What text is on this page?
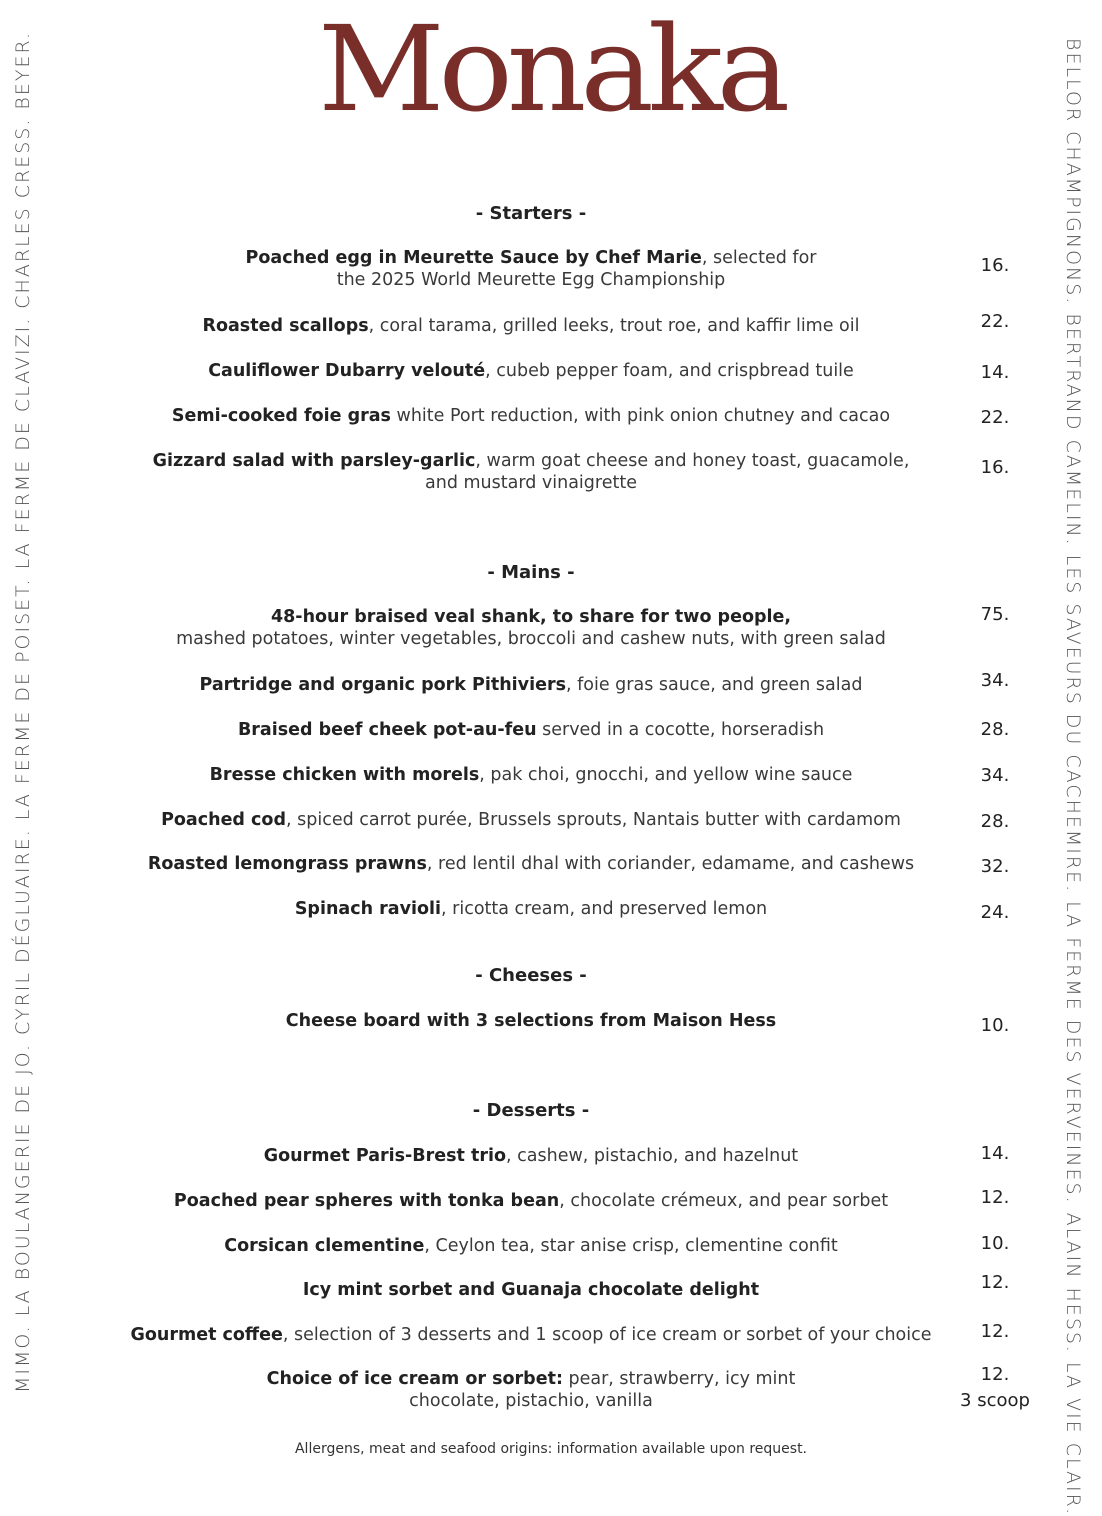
Monaka
MIMO. LA BOULANGERIE DE JO. CYRIL DÉGLUAIRE. LA FERME DE POISET. LA FERME DE CLAVIZI. CHARLES CRESS. BEYER.	BELLOR CHAMPIGNONS. BERTRAND CAMELIN. LES SAVEURS DU CACHEMIRE. LA FERME DES VERVEINES. ALAIN HESS. LA VIE CLAIR.
- Starters -
Poached egg in Meurette Sauce by Chef Marie, selected for
the 2025 World Meurette Egg Championship
16.
Roasted scallops, coral tarama, grilled leeks, trout roe, and kaffir lime oil	22.
Cauliflower Dubarry velouté, cubeb pepper foam, and crispbread tuile	14.
Semi-cooked foie gras white Port reduction, with pink onion chutney and cacao	22.
Gizzard salad with parsley-garlic, warm goat cheese and honey toast, guacamole,
and mustard vinaigrette
16.
- Mains -
48-hour braised veal shank, to share for two people,
mashed potatoes, winter vegetables, broccoli and cashew nuts, with green salad
75.
Partridge and organic pork Pithiviers, foie gras sauce, and green salad	34.
Braised beef cheek pot-au-feu served in a cocotte, horseradish	28.
Bresse chicken with morels, pak choi, gnocchi, and yellow wine sauce	34.
Poached cod, spiced carrot purée, Brussels sprouts, Nantais butter with cardamom	28.
Roasted lemongrass prawns, red lentil dhal with coriander, edamame, and cashews	32.
Spinach ravioli, ricotta cream, and preserved lemon	24.
- Cheeses -
Cheese board with 3 selections from Maison Hess	10.
- Desserts -
Gourmet Paris-Brest trio, cashew, pistachio, and hazelnut	14.
Poached pear spheres with tonka bean, chocolate crémeux, and pear sorbet	12.
Corsican clementine, Ceylon tea, star anise crisp, clementine confit	10.
Icy mint sorbet and Guanaja chocolate delight	12.
Gourmet coffee, selection of 3 desserts and 1 scoop of ice cream or sorbet of your choice	12.
Choice of ice cream or sorbet: pear, strawberry, icy mint
chocolate, pistachio, vanilla
12.
3 scoop
Allergens, meat and seafood origins: information available upon request.
